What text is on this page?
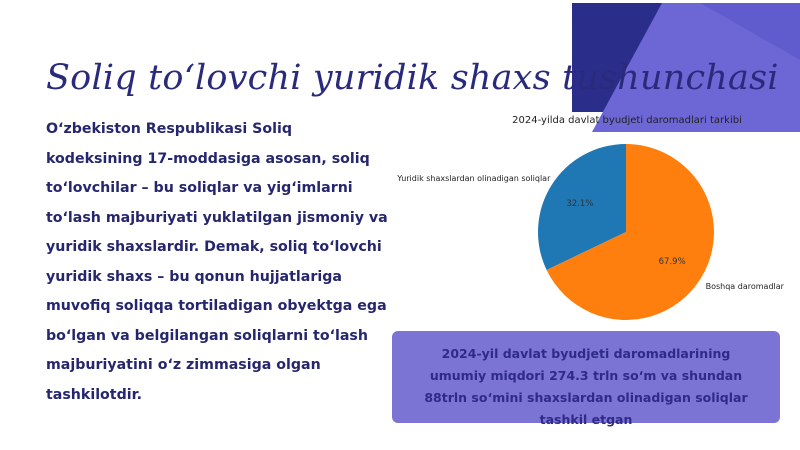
Soliq to‘lovchi yuridik shaxs tushunchasi

O‘zbekiston Respublikasi Soliq kodeksining 17-moddasiga asosan, soliq to‘lovchilar – bu soliqlar va yig‘imlarni to‘lash majburiyati yuklatilgan jismoniy va yuridik shaxslardir. Demak, soliq to‘lovchi yuridik shaxs – bu qonun hujjatlariga muvofiq soliqqa tortiladigan obyektga ega bo‘lgan va belgilangan soliqlarni to‘lash majburiyatini o‘z zimmasiga olgan tashkilotdir.

2024-yilda davlat byudjeti daromadlari tarkibi
32.1%
Yuridik shaxslardan olinadigan soliqlar
67.9%
Boshqa daromadlar
2024-yil davlat byudjeti daromadlarining umumiy miqdori 274.3 trln so‘m va shundan 88trln so‘mini shaxslardan olinadigan soliqlar tashkil etgan
